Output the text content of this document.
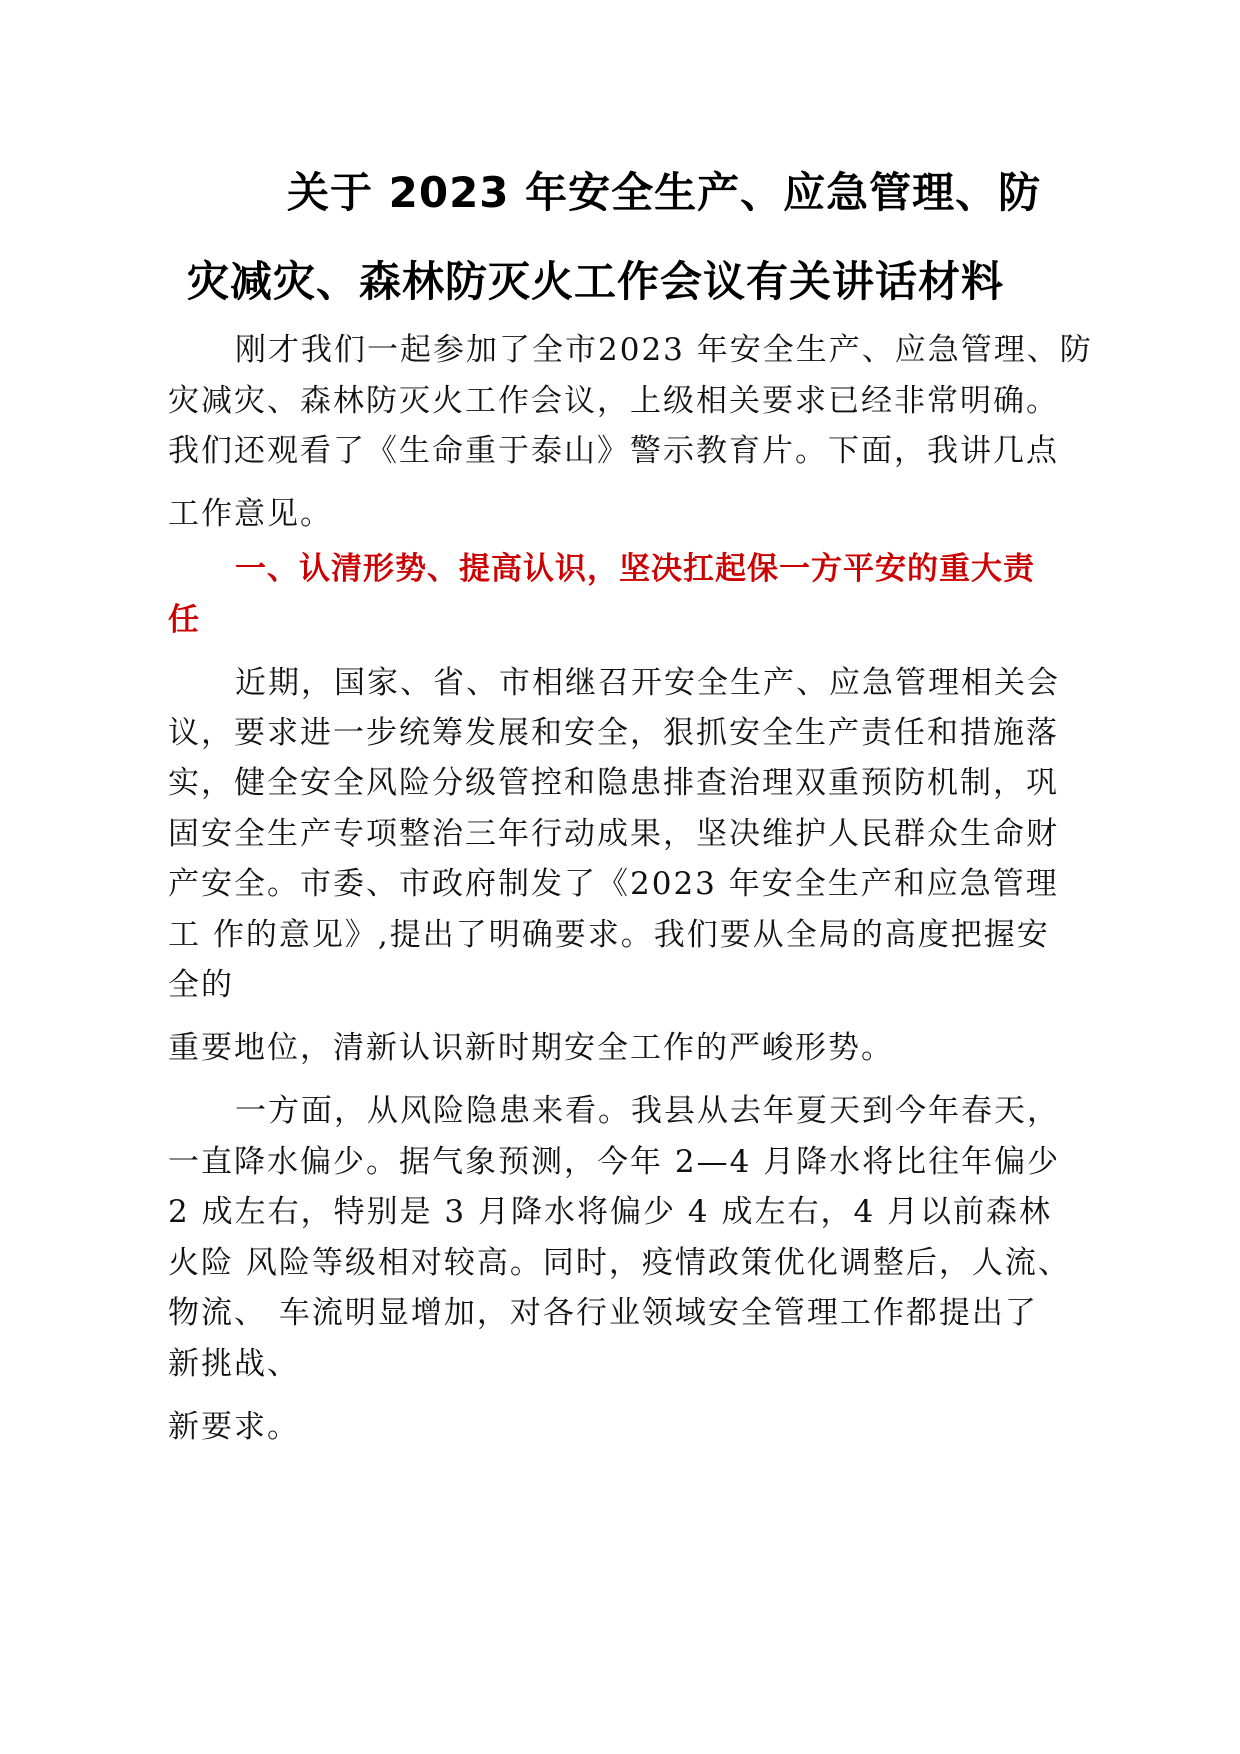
关于 2023 年安全生产、应急管理、防
灾减灾、森林防灭火工作会议有关讲话材料
刚才我们一起参加了全市2023 年安全生产、应急管理、防
灾减灾、森林防灭火工作会议，上级相关要求已经非常明确。
我们还观看了《生命重于泰山》警示教育片。下面，我讲几点
工作意见。
一、认清形势、提高认识，坚决扛起保一方平安的重大责
任
近期，国家、省、市相继召开安全生产、应急管理相关会
议，要求进一步统筹发展和安全，狠抓安全生产责任和措施落
实，健全安全风险分级管控和隐患排查治理双重预防机制，巩
固安全生产专项整治三年行动成果，坚决维护人民群众生命财
产安全。市委、市政府制发了《2023 年安全生产和应急管理
工 作的意见》,提出了明确要求。我们要从全局的高度把握安
全的
重要地位，清新认识新时期安全工作的严峻形势。
一方面，从风险隐患来看。我县从去年夏天到今年春天，
一直降水偏少。据气象预测，今年 2—4 月降水将比往年偏少
2 成左右，特别是 3 月降水将偏少 4 成左右，4 月以前森林
火险 风险等级相对较高。同时，疫情政策优化调整后，人流、
物流、 车流明显增加，对各行业领域安全管理工作都提出了
新挑战、
新要求。
